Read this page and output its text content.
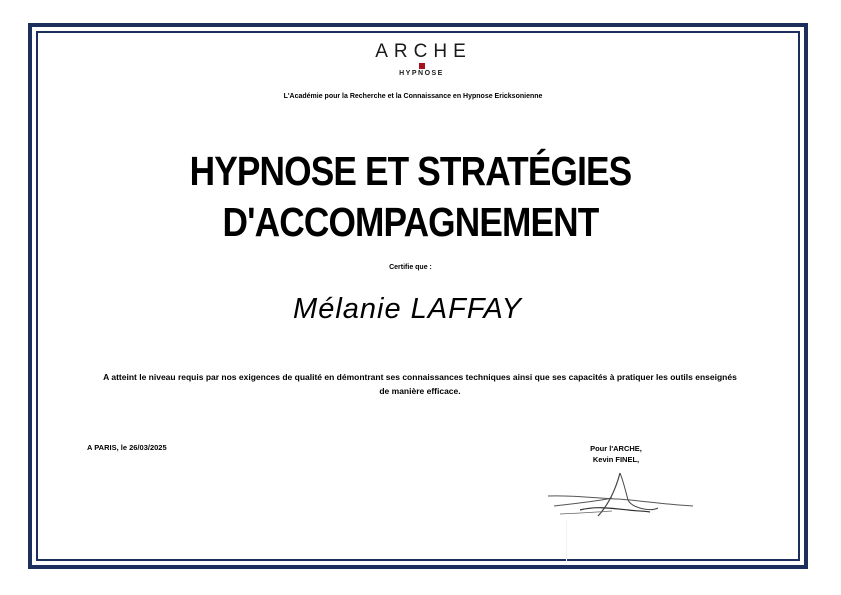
ARCHE
HYPNOSE
L'Académie pour la Recherche et la Connaissance en Hypnose Ericksonienne
HYPNOSE ET STRATÉGIES
D'ACCOMPAGNEMENT
Certifie que :
Mélanie LAFFAY
A atteint le niveau requis par nos exigences de qualité en démontrant ses connaissances techniques ainsi que ses capacités à pratiquer les outils enseignés
de manière efficace.
A PARIS, le 26/03/2025	Pour l'ARCHE,
Kevin FINEL,
